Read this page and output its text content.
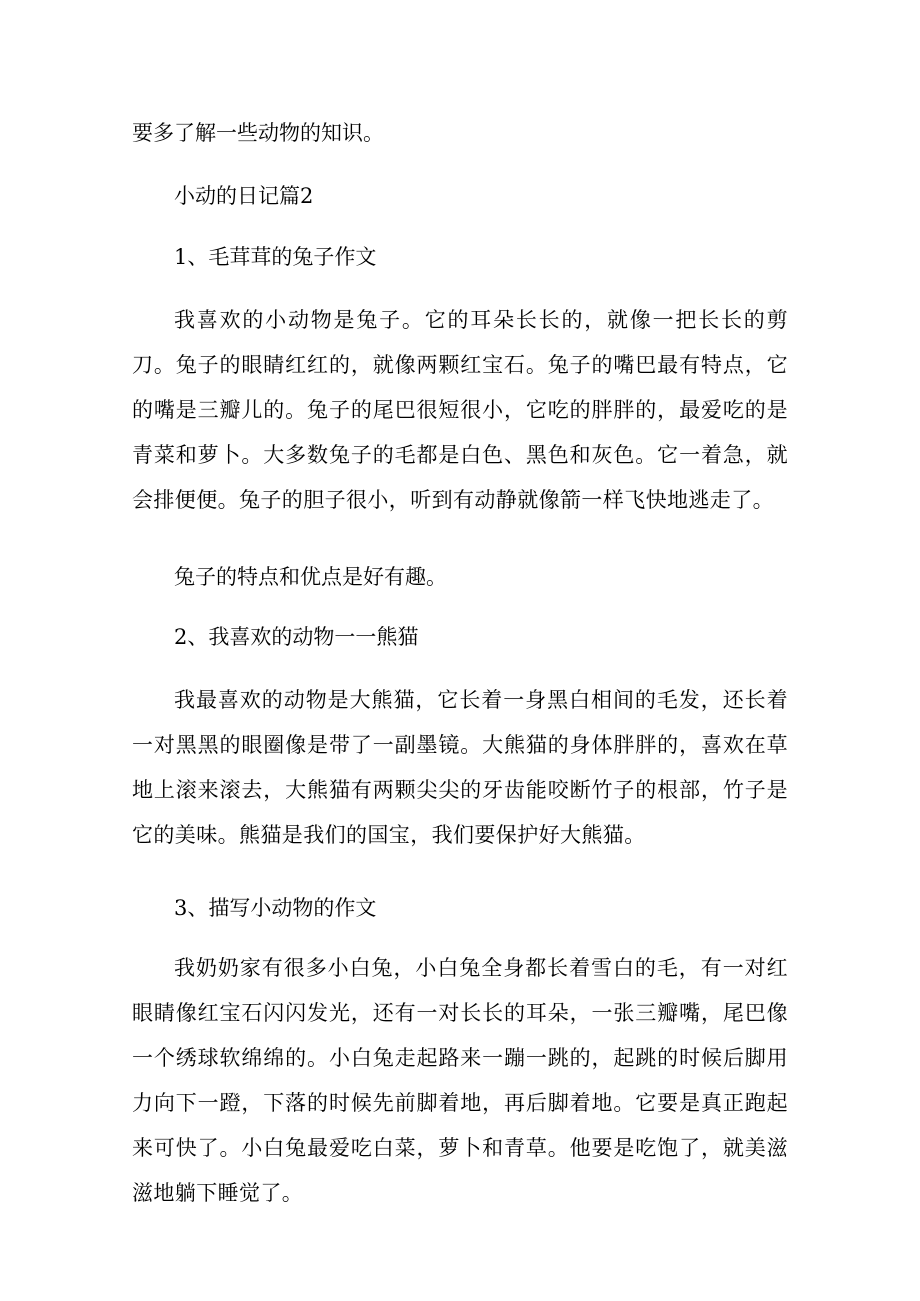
要多了解一些动物的知识。
小动的日记篇2
1、毛茸茸的兔子作文
我喜欢的小动物是兔子。它的耳朵长长的，就像一把长长的剪刀。兔子的眼睛红红的，就像两颗红宝石。兔子的嘴巴最有特点，它的嘴是三瓣儿的。兔子的尾巴很短很小，它吃的胖胖的，最爱吃的是青菜和萝卜。大多数兔子的毛都是白色、黑色和灰色。它一着急，就会排便便。兔子的胆子很小，听到有动静就像箭一样飞快地逃走了。
兔子的特点和优点是好有趣。
2、我喜欢的动物一一熊猫
我最喜欢的动物是大熊猫，它长着一身黑白相间的毛发，还长着一对黑黑的眼圈像是带了一副墨镜。大熊猫的身体胖胖的，喜欢在草地上滚来滚去，大熊猫有两颗尖尖的牙齿能咬断竹子的根部，竹子是它的美味。熊猫是我们的国宝，我们要保护好大熊猫。
3、描写小动物的作文
我奶奶家有很多小白兔，小白兔全身都长着雪白的毛，有一对红眼睛像红宝石闪闪发光，还有一对长长的耳朵，一张三瓣嘴，尾巴像一个绣球软绵绵的。小白兔走起路来一蹦一跳的，起跳的时候后脚用力向下一蹬，下落的时候先前脚着地，再后脚着地。它要是真正跑起来可快了。小白兔最爱吃白菜，萝卜和青草。他要是吃饱了，就美滋滋地躺下睡觉了。
